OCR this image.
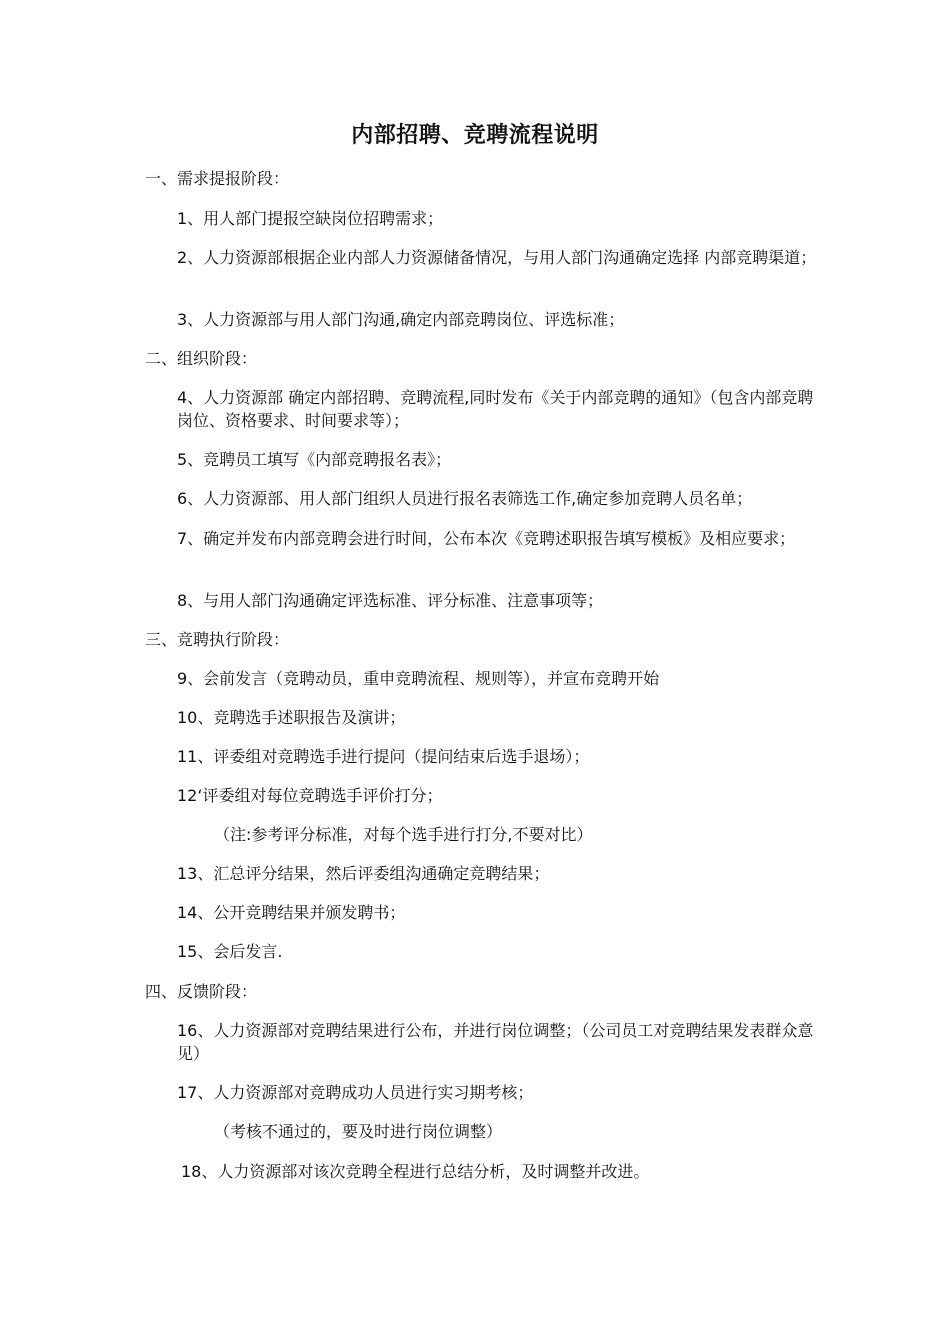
内部招聘、竞聘流程说明
一、需求提报阶段：
1、用人部门提报空缺岗位招聘需求；
2、人力资源部根据企业内部人力资源储备情况，与用人部门沟通确定选择 内部竞聘渠道；
3、人力资源部与用人部门沟通,确定内部竞聘岗位、评选标准；
二、组织阶段：
4、人力资源部 确定内部招聘、竞聘流程,同时发布《关于内部竞聘的通知》（包含内部竞聘岗位、资格要求、时间要求等）；
5、竞聘员工填写《内部竞聘报名表》；
6、人力资源部、用人部门组织人员进行报名表筛选工作,确定参加竞聘人员名单；
7、确定并发布内部竞聘会进行时间，公布本次《竞聘述职报告填写模板》及相应要求；
8、与用人部门沟通确定评选标准、评分标准、注意事项等；
三、竞聘执行阶段：
9、会前发言（竞聘动员，重申竞聘流程、规则等），并宣布竞聘开始
10、竞聘选手述职报告及演讲；
11、评委组对竞聘选手进行提问（提问结束后选手退场）；
12‘评委组对每位竞聘选手评价打分；
（注:参考评分标准，对每个选手进行打分,不要对比）
13、汇总评分结果，然后评委组沟通确定竞聘结果；
14、公开竞聘结果并颁发聘书；
15、会后发言.
四、反馈阶段：
16、人力资源部对竞聘结果进行公布，并进行岗位调整；（公司员工对竞聘结果发表群众意见）
17、人力资源部对竞聘成功人员进行实习期考核；
（考核不通过的，要及时进行岗位调整）
18、人力资源部对该次竞聘全程进行总结分析，及时调整并改进。
